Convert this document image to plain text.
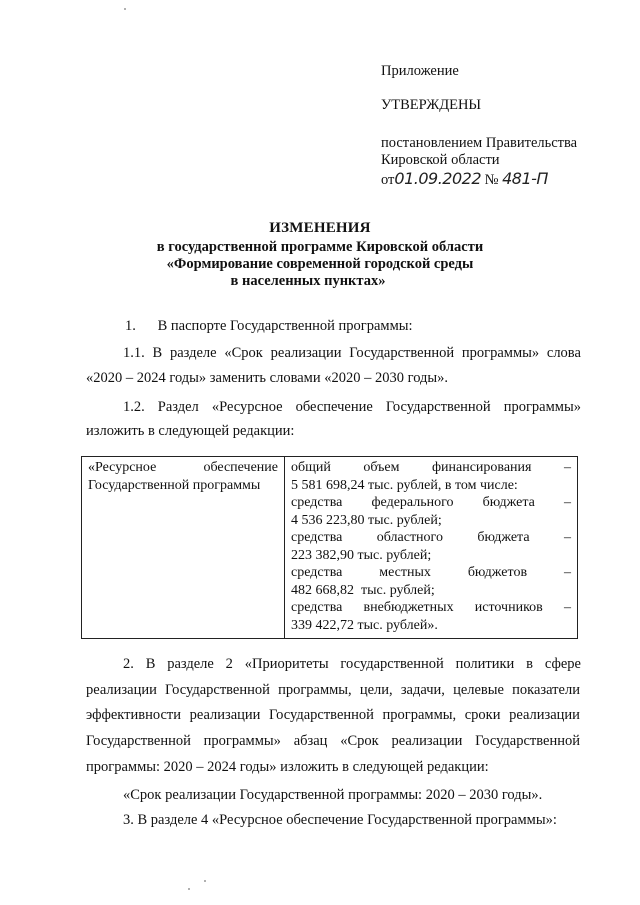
Приложение
УТВЕРЖДЕНЫ
постановлением Правительства
Кировской области
от01.09.2022 № 481-П
ИЗМЕНЕНИЯ
в государственной программе Кировской области
«Формирование современной городской среды
в населенных пунктах»
1.      В паспорте Государственной программы:
1.1. В разделе «Срок реализации Государственной программы» слова
«2020 – 2024 годы» заменить словами «2020 – 2030 годы».
1.2. Раздел «Ресурсное обеспечение Государственной программы»
изложить в следующей редакции:
«Ресурсное	обеспечение
Государственной программы

общий объем финансирования –
5 581 698,24 тыс. рублей, в том числе:
средства федерального бюджета –
4 536 223,80 тыс. рублей;
средства областного бюджета –
223 382,90 тыс. рублей;
средства	местных	бюджетов	–
482 668,82  тыс. рублей;
средства внебюджетных источников –
339 422,72 тыс. рублей».
2. В разделе 2 «Приоритеты государственной политики в сфере
реализации Государственной программы, цели, задачи, целевые показатели
эффективности реализации Государственной программы, сроки реализации
Государственной программы» абзац «Срок реализации Государственной
программы: 2020 – 2024 годы» изложить в следующей редакции:
«Срок реализации Государственной программы: 2020 – 2030 годы».
3. В разделе 4 «Ресурсное обеспечение Государственной программы»:
